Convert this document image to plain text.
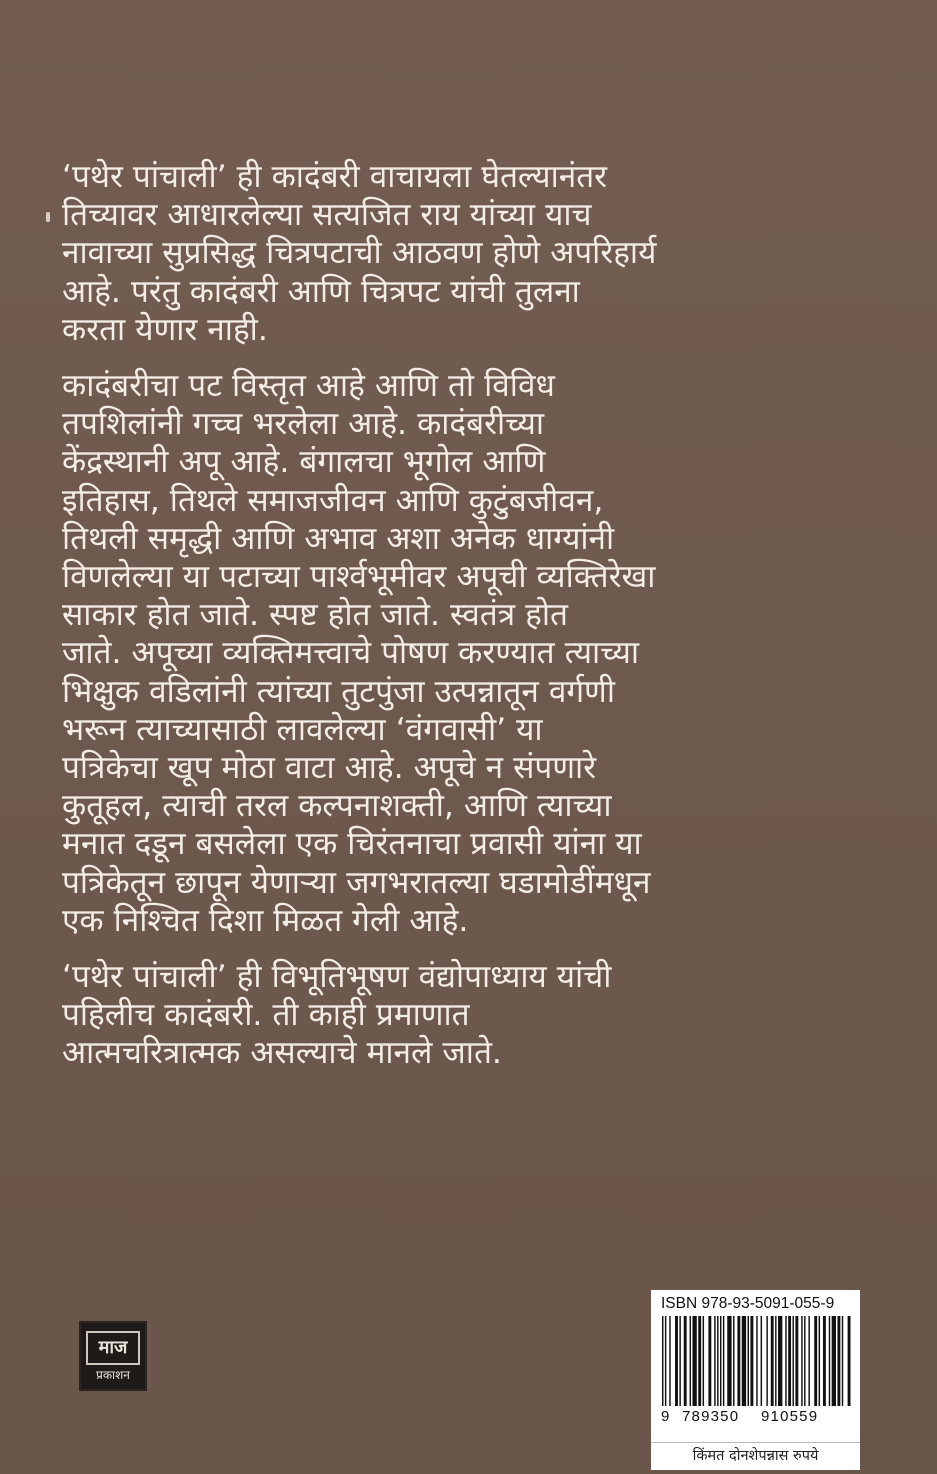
‘पथेर पांचाली’ ही कादंबरी वाचायला घेतल्यानंतर
तिच्यावर आधारलेल्या सत्यजित राय यांच्या याच
नावाच्या सुप्रसिद्ध चित्रपटाची आठवण होणे अपरिहार्य
आहे. परंतु कादंबरी आणि चित्रपट यांची तुलना
करता येणार नाही.
कादंबरीचा पट विस्तृत आहे आणि तो विविध
तपशिलांनी गच्च भरलेला आहे. कादंबरीच्या
केंद्रस्थानी अपू आहे. बंगालचा भूगोल आणि
इतिहास, तिथले समाजजीवन आणि कुटुंबजीवन,
तिथली समृद्धी आणि अभाव अशा अनेक धाग्यांनी
विणलेल्या या पटाच्या पार्श्वभूमीवर अपूची व्यक्तिरेखा
साकार होत जाते. स्पष्ट होत जाते. स्वतंत्र होत
जाते. अपूच्या व्यक्तिमत्त्वाचे पोषण करण्यात त्याच्या
भिक्षुक वडिलांनी त्यांच्या तुटपुंजा उत्पन्नातून वर्गणी
भरून त्याच्यासाठी लावलेल्या ‘वंगवासी’ या
पत्रिकेचा खूप मोठा वाटा आहे. अपूचे न संपणारे
कुतूहल, त्याची तरल कल्पनाशक्ती, आणि त्याच्या
मनात दडून बसलेला एक चिरंतनाचा प्रवासी यांना या
पत्रिकेतून छापून येणाऱ्या जगभरातल्या घडामोडींमधून
एक निश्चित दिशा मिळत गेली आहे.
‘पथेर पांचाली’ ही विभूतिभूषण वंद्योपाध्याय यांची
पहिलीच कादंबरी. ती काही प्रमाणात
आत्मचरित्रात्मक असल्याचे मानले जाते.
माज
प्रकाशन
ISBN 978-93-5091-055-9
9 789350 910559
किंमत दोनशेपन्नास रुपये
